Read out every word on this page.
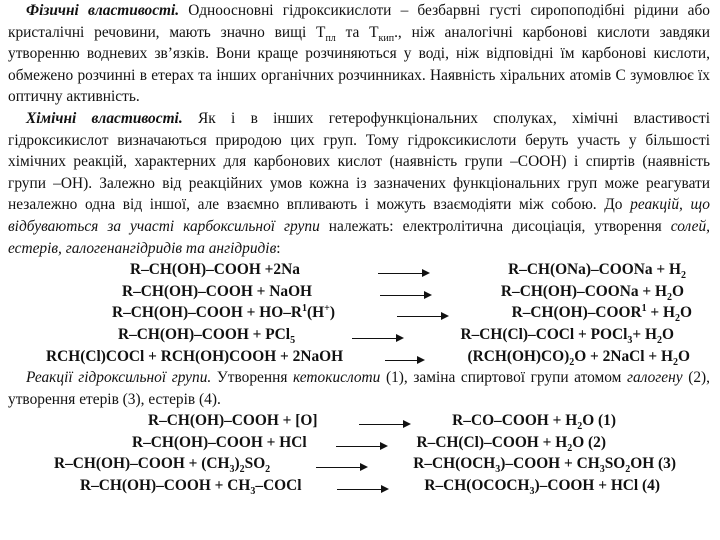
Фізичні властивості. Одноосновні гідроксикислоти – безбарвні густі сиропоподібні рідини або кристалічні речовини, мають значно вищі $Т_{пл}$ та $Т_{кип}$., ніж аналогічні карбонові кислоти завдяки утворенню водневих зв’язків. Вони краще розчиняються у воді, ніж відповідні їм карбонові кислоти, обмежено розчинні в етерах та інших органічних розчинниках. Наявність хіральних атомів С зумовлює їх оптичну активність.

Хімічні властивості. Як і в інших гетерофункціональних сполуках, хімічні властивості гідроксикислот визначаються природою цих груп. Тому гідроксикислоти беруть участь у більшості хімічних реакцій, характерних для карбонових кислот (наявність групи –СООН) і спиртів (наявність групи –ОН). Залежно від реакційних умов кожна із зазначених функціональних груп може реагувати незалежно одна від іншої, але взаємно впливають і можуть взаємодіяти між собою. До реакцій, що відбуваються за участі карбоксильної групи належать: електролітична дисоціація, утворення солей, естерів, галогенангідридів та ангідридів:

R–CH(OH)–COOH +2Na	R–CH(ONa)–COONa + $H_2$
R–CH(OH)–COOH + NaOH	R–CH(OH)–COONa + $H_2O$
R–CH(OH)–COOH + $HO-R^1(H^+)$	$R-CH(OH)-COOR^1 + H_2O$
R–CH(OH)–COOH + PCl$_5$	R–CH(Cl)–COCl + POCl$_3$+ $H_2O$
RCH(Cl)COCl + RCH(OH)COOH + 2NaOH	$(RCH(OH)CO)_2O$ + 2NaCl + $H_2O$

Реакції гідроксильної групи. Утворення кетокислоти (1), заміна спиртової групи атомом галогену (2), утворення етерів (3), естерів (4).

R–CH(OH)–COOH + [O]	R–CO–COOH + $H_2O$ (1)
R–CH(OH)–COOH + HCl	R–CH(Cl)–COOH + $H_2O$ (2)
R–CH(OH)–COOH + $(CH_3)_2SO_2$	$R-CH(OCH_3)$–COOH + $CH_3SO_2OH$ (3)
R–CH(OH)–COOH + $CH_3$–COCl	$R-CH(OCOCH_3)$–COOH + HCl (4)
